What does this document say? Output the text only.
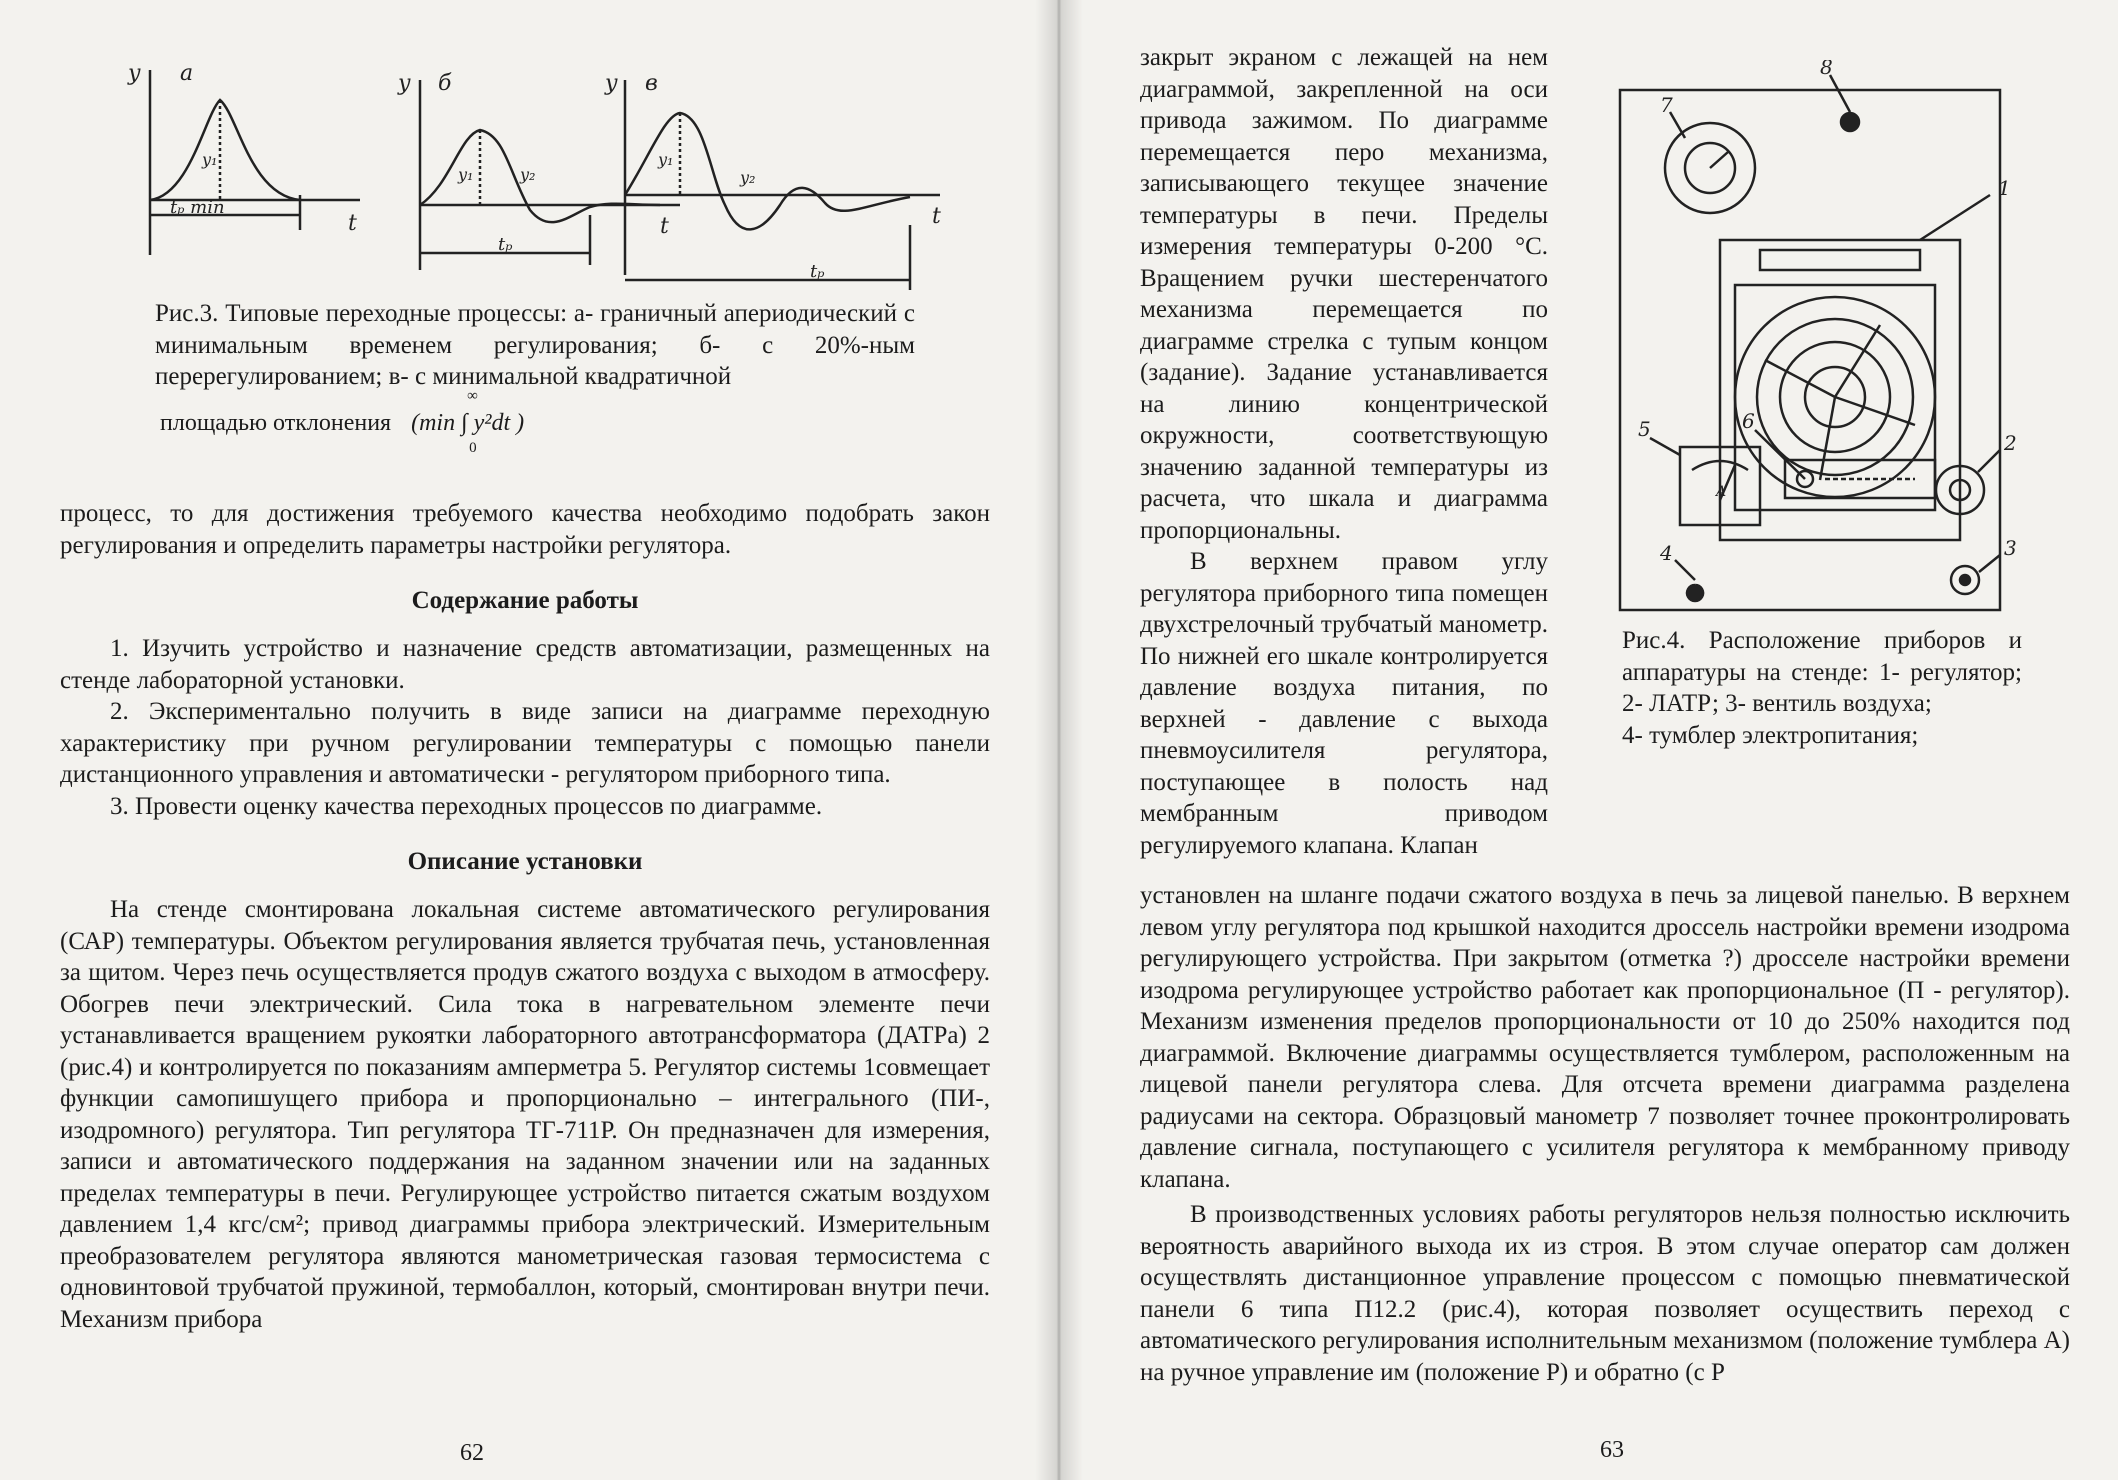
y а
t
y₁
tₚ min
y б
t
y₁	y₂
tₚ
y в
t
y₁
y₂
tₚ

Рис.3. Типовые переходные процессы: а- граничный апериодический с минимальным временем регулирования; б- с 20%-ным перерегулированием; в- с минимальной квадратичной

площадью отклонения
∞
(min ∫ y²dt )
0

процесс, то для достижения требуемого качества необходимо подобрать закон регулирования и определить параметры настройки регулятора.

Содержание работы

1. Изучить устройство и назначение средств автоматизации, размещенных на стенде лабораторной установки.

2. Экспериментально получить в виде записи на диаграмме переходную характеристику при ручном регулировании температуры с помощью панели дистанционного управления и автоматически - регулятором приборного типа.

3. Провести оценку качества переходных процессов по диаграмме.

Описание установки

На стенде смонтирована локальная системе автоматического регулирования (САР) температуры. Объектом регулирования является трубчатая печь, установленная за щитом. Через печь осуществляется продув сжатого воздуха с выходом в атмосферу. Обогрев печи электрический. Сила тока в нагревательном элементе печи устанавливается вращением рукоятки лабораторного автотрансформатора (ДАТРа) 2 (рис.4) и контролируется по показаниям амперметра 5. Регулятор системы 1совмещает функции самопишущего прибора и пропорционально – интегрального (ПИ-, изодромного) регулятора. Тип регулятора ТГ-711Р. Он предназначен для измерения, записи и автоматического поддержания на заданном значении или на заданных пределах температуры в печи. Регулирующее устройство питается сжатым воздухом давлением 1,4 кгс/см²; привод диаграммы прибора электрический. Измерительным преобразователем регулятора являются манометрическая газовая термосистема с одновинтовой трубчатой пружиной, термобаллон, который, смонтирован внутри печи. Механизм прибора

62

закрыт экраном с лежащей на нем диаграммой, закрепленной на оси привода зажимом. По диаграмме перемещается перо механизма, записывающего текущее значение температуры в печи. Пределы измерения температуры 0-200 °С. Вращением ручки шестеренчатого механизма перемещается по диаграмме стрелка с тупым концом (задание). Задание устанавливается на линию концентрической окружности, соответствующую значению заданной температуры из расчета, что шкала и диаграмма пропорциональны.

В верхнем правом углу регулятора приборного типа помещен двухстрелочный трубчатый манометр. По нижней его шкале контролируется давление воздуха питания, по верхней - давление с выхода пневмоусилителя регулятора, поступающее в полость над мембранным приводом регулируемого клапана. Клапан

1
2
3
4
5	6
7
8
A

Рис.4. Расположение приборов и аппаратуры на стенде: 1- регулятор; 2- ЛАТР; 3- вентиль воздуха;

4- тумблер электропитания;

установлен на шланге подачи сжатого воздуха в печь за лицевой панелью. В верхнем левом углу регулятора под крышкой находится дроссель настройки времени изодрома регулирующего устройства. При закрытом (отметка ?) дросселе настройки времени изодрома регулирующее устройство работает как пропорциональное (П - регулятор). Механизм изменения пределов пропорциональности от 10 до 250% находится под диаграммой. Включение диаграммы осуществляется тумблером, расположенным на лицевой панели регулятора слева. Для отсчета времени диаграмма разделена радиусами на сектора. Образцовый манометр 7 позволяет точнее проконтролировать давление сигнала, поступающего с усилителя регулятора к мембранному приводу клапана.

В производственных условиях работы регуляторов нельзя полностью исключить вероятность аварийного выхода их из строя. В этом случае оператор сам должен осуществлять дистанционное управление процессом с помощью пневматической панели 6 типа П12.2 (рис.4), которая позволяет осуществить переход с автоматического регулирования исполнительным механизмом (положение тумблера А) на ручное управление им (положение Р) и обратно (с Р

63
